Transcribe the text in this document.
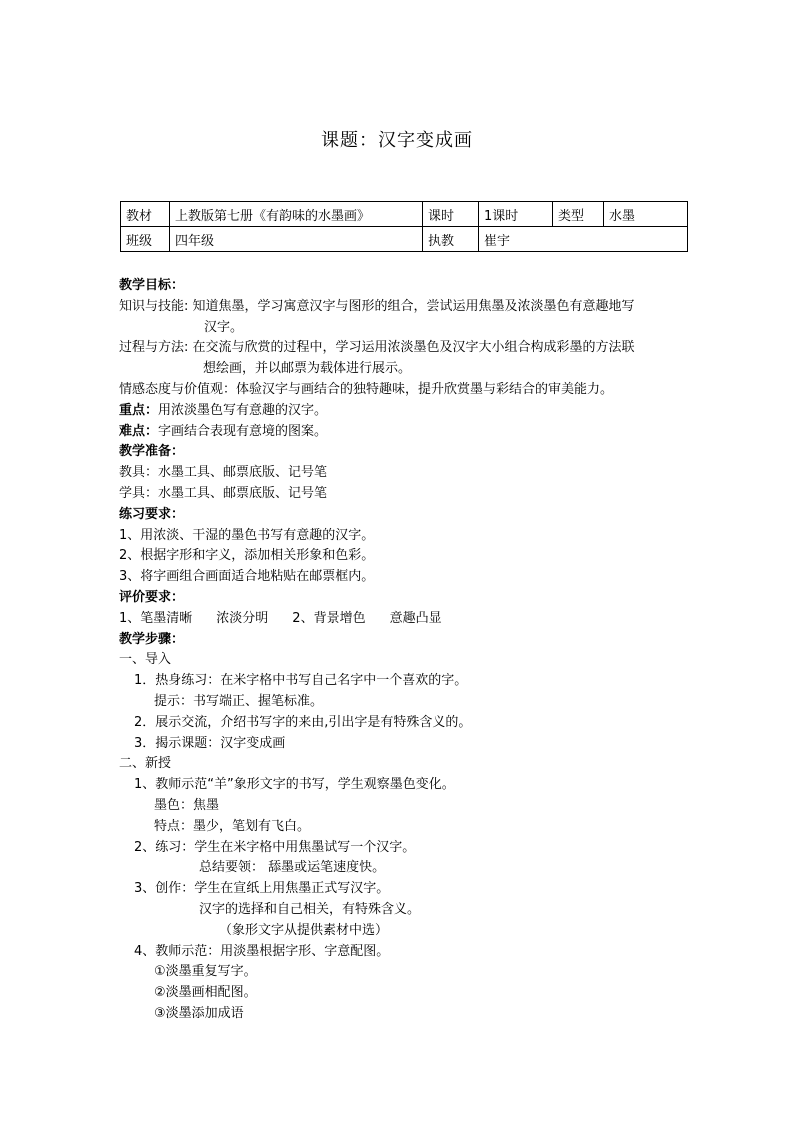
课题：汉字变成画
教材	上教版第七册《有韵味的水墨画》	课时	1课时	类型	水墨
班级	四年级	执教	崔宇		
教学目标：
知识与技能: 知道焦墨，学习寓意汉字与图形的组合，尝试运用焦墨及浓淡墨色有意趣地写
汉字。
过程与方法: 在交流与欣赏的过程中，学习运用浓淡墨色及汉字大小组合构成彩墨的方法联
想绘画，并以邮票为载体进行展示。
情感态度与价值观：体验汉字与画结合的独特趣味，提升欣赏墨与彩结合的审美能力。
重点：用浓淡墨色写有意趣的汉字。
难点：字画结合表现有意境的图案。
教学准备：
教具：水墨工具、邮票底版、记号笔
学具：水墨工具、邮票底版、记号笔
练习要求：
1、用浓淡、干湿的墨色书写有意趣的汉字。
2、根据字形和字义，添加相关形象和色彩。
3、将字画组合画面适合地粘贴在邮票框内。
评价要求：
1、笔墨清晰 浓淡分明 2、背景增色 意趣凸显
教学步骤：
一、导入
1．热身练习：在米字格中书写自己名字中一个喜欢的字。
提示：书写端正、握笔标准。
2．展示交流，介绍书写字的来由,引出字是有特殊含义的。
3．揭示课题：汉字变成画
二、新授
1、教师示范“羊”象形文字的书写，学生观察墨色变化。
墨色：焦墨
特点：墨少，笔划有飞白。
2、练习：学生在米字格中用焦墨试写一个汉字。
总结要领： 舔墨或运笔速度快。
3、创作：学生在宣纸上用焦墨正式写汉字。
汉字的选择和自己相关，有特殊含义。
（象形文字从提供素材中选）
4、教师示范：用淡墨根据字形、字意配图。
①淡墨重复写字。
②淡墨画相配图。
③淡墨添加成语
